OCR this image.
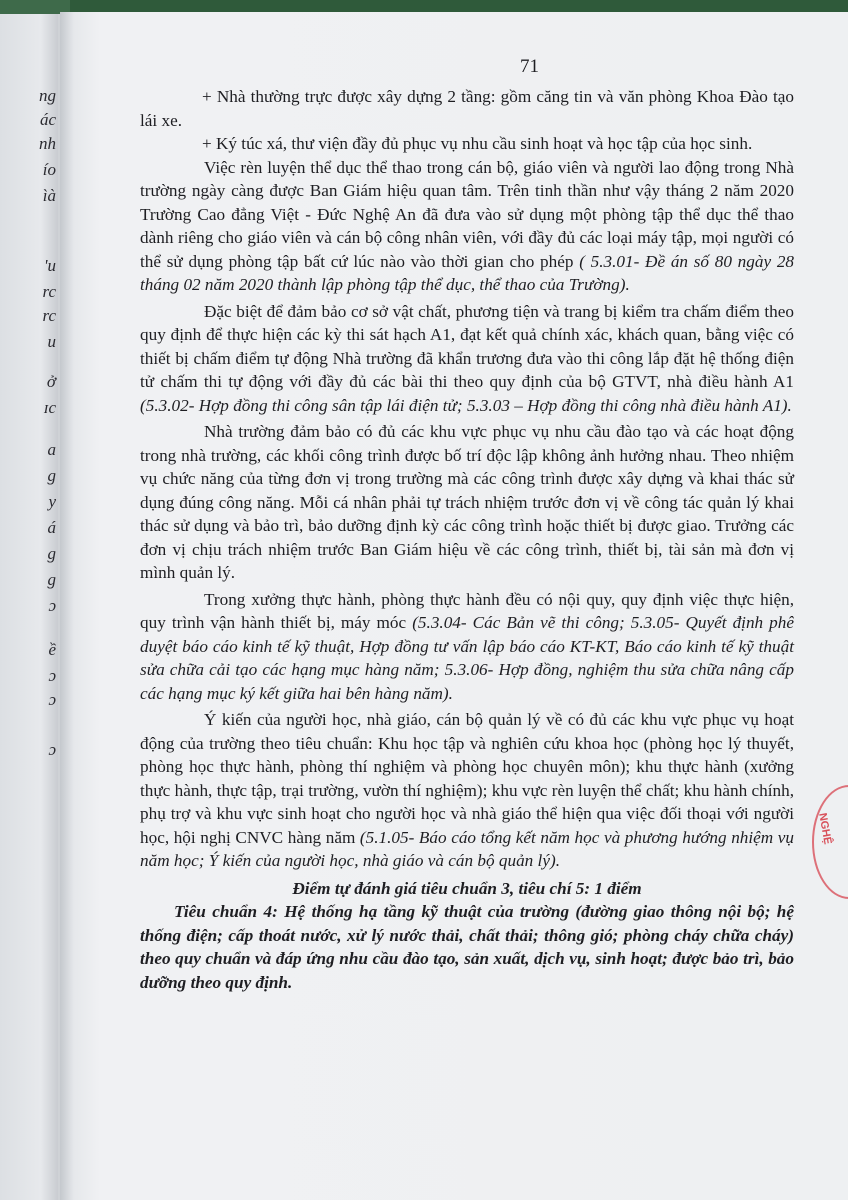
ng
ác
nh
ío
ìà
'u
rc
rc
u
ở
ɪc
a
g
y
á
g
g
ɔ
ề
ɔ
ɔ
ɔ
71

+ Nhà thường trực được xây dựng 2 tầng: gồm căng tin và văn phòng Khoa Đào tạo lái xe.

+ Ký túc xá, thư viện đầy đủ phục vụ nhu cầu sinh hoạt và học tập của học sinh.

Việc rèn luyện thể dục thể thao trong cán bộ, giáo viên và người lao động trong Nhà trường ngày càng được Ban Giám hiệu quan tâm. Trên tinh thần như vậy tháng 2 năm 2020 Trường Cao đẳng Việt - Đức Nghệ An đã đưa vào sử dụng một phòng tập thể dục thể thao dành riêng cho giáo viên và cán bộ công nhân viên, với đầy đủ các loại máy tập, mọi người có thể sử dụng phòng tập bất cứ lúc nào vào thời gian cho phép ( 5.3.01- Đề án số 80 ngày 28 tháng 02 năm 2020 thành lập phòng tập thể dục, thể thao của Trường).

Đặc biệt để đảm bảo cơ sở vật chất, phương tiện và trang bị kiểm tra chấm điểm theo quy định để thực hiện các kỳ thi sát hạch A1, đạt kết quả chính xác, khách quan, bằng việc có thiết bị chấm điểm tự động Nhà trường đã khẩn trương đưa vào thi công lắp đặt hệ thống điện tử chấm thi tự động với đầy đủ các bài thi theo quy định của bộ GTVT, nhà điều hành A1 (5.3.02- Hợp đồng thi công sân tập lái điện tử; 5.3.03 – Hợp đồng thi công nhà điều hành A1).

Nhà trường đảm bảo có đủ các khu vực phục vụ nhu cầu đào tạo và các hoạt động trong nhà trường, các khối công trình được bố trí độc lập không ảnh hưởng nhau. Theo nhiệm vụ chức năng của từng đơn vị trong trường mà các công trình được xây dựng và khai thác sử dụng đúng công năng. Mỗi cá nhân phải tự trách nhiệm trước đơn vị về công tác quản lý khai thác sử dụng và bảo trì, bảo dưỡng định kỳ các công trình hoặc thiết bị được giao. Trưởng các đơn vị chịu trách nhiệm trước Ban Giám hiệu về các công trình, thiết bị, tài sản mà đơn vị mình quản lý.

Trong xưởng thực hành, phòng thực hành đều có nội quy, quy định việc thực hiện, quy trình vận hành thiết bị, máy móc (5.3.04- Các Bản vẽ thi công; 5.3.05- Quyết định phê duyệt báo cáo kinh tế kỹ thuật, Hợp đồng tư vấn lập báo cáo KT-KT, Báo cáo kinh tế kỹ thuật sửa chữa cải tạo các hạng mục hàng năm; 5.3.06- Hợp đồng, nghiệm thu sửa chữa nâng cấp các hạng mục ký kết giữa hai bên hàng năm).

Ý kiến của người học, nhà giáo, cán bộ quản lý về có đủ các khu vực phục vụ hoạt động của trường theo tiêu chuẩn: Khu học tập và nghiên cứu khoa học (phòng học lý thuyết, phòng học thực hành, phòng thí nghiệm và phòng học chuyên môn); khu thực hành (xưởng thực hành, thực tập, trại trường, vườn thí nghiệm); khu vực rèn luyện thể chất; khu hành chính, phụ trợ và khu vực sinh hoạt cho người học và nhà giáo thể hiện qua việc đối thoại với người học, hội nghị CNVC hàng năm (5.1.05- Báo cáo tổng kết năm học và phương hướng nhiệm vụ năm học; Ý kiến của người học, nhà giáo và cán bộ quản lý).

Điểm tự đánh giá tiêu chuẩn 3, tiêu chí 5: 1 điểm

Tiêu chuẩn 4: Hệ thống hạ tầng kỹ thuật của trường (đường giao thông nội bộ; hệ thống điện; cấp thoát nước, xử lý nước thải, chất thải; thông gió; phòng cháy chữa cháy) theo quy chuẩn và đáp ứng nhu cầu đào tạo, sản xuất, dịch vụ, sinh hoạt; được bảo trì, bảo dưỡng theo quy định.

NGHỆ
